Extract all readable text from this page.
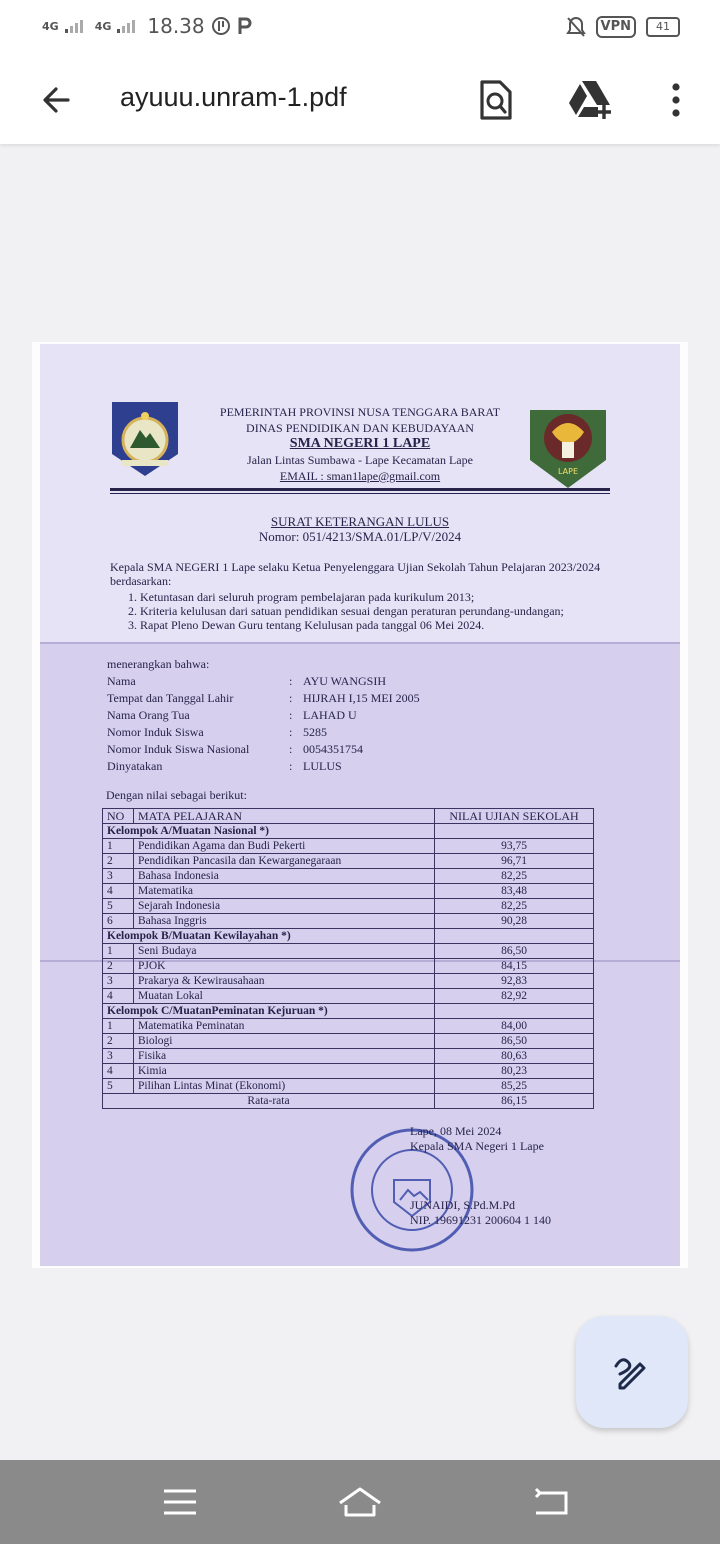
4G	4G 18.38	VPN	41
ayuuu.unram-1.pdf
PEMERINTAH PROVINSI NUSA TENGGARA BARAT
DINAS PENDIDIKAN DAN KEBUDAYAAN
SMA NEGERI 1 LAPE
Jalan Lintas Sumbawa - Lape Kecamatan Lape
EMAIL : sman1lape@gmail.com	LAPE
SURAT KETERANGAN LULUS
Nomor: 051/4213/SMA.01/LP/V/2024
Kepala SMA NEGERI 1 Lape selaku Ketua Penyelenggara Ujian Sekolah Tahun Pelajaran 2023/2024 berdasarkan:
1. Ketuntasan dari seluruh program pembelajaran pada kurikulum 2013;
2. Kriteria kelulusan dari satuan pendidikan sesuai dengan peraturan perundang-undangan;
3. Rapat Pleno Dewan Guru tentang Kelulusan pada tanggal 06 Mei 2024.
menerangkan bahwa:
Nama	:	AYU WANGSIH
Tempat dan Tanggal Lahir	:	HIJRAH I,15 MEI 2005
Nama Orang Tua	:	LAHAD U
Nomor Induk Siswa	:	5285
Nomor Induk Siswa Nasional	:	0054351754
Dinyatakan	:	LULUS
Dengan nilai sebagai berikut:
NO	MATA PELAJARAN	NILAI UJIAN SEKOLAH
Kelompok A/Muatan Nasional *)		
1	Pendidikan Agama dan Budi Pekerti	93,75
2	Pendidikan Pancasila dan Kewarganegaraan	96,71
3	Bahasa Indonesia	82,25
4	Matematika	83,48
5	Sejarah Indonesia	82,25
6	Bahasa Inggris	90,28
Kelompok B/Muatan Kewilayahan *)		
1	Seni Budaya	86,50
2	PJOK	84,15
3	Prakarya & Kewirausahaan	92,83
4	Muatan Lokal	82,92
Kelompok C/MuatanPeminatan Kejuruan *)		
1	Matematika Peminatan	84,00
2	Biologi	86,50
3	Fisika	80,63
4	Kimia	80,23
5	Pilihan Lintas Minat (Ekonomi)	85,25
Rata-rata		86,15
Lape, 08 Mei 2024
Kepala SMA Negeri 1 Lape
JUNAIDI, S.Pd.M.Pd
NIP. 19691231 200604 1 140
